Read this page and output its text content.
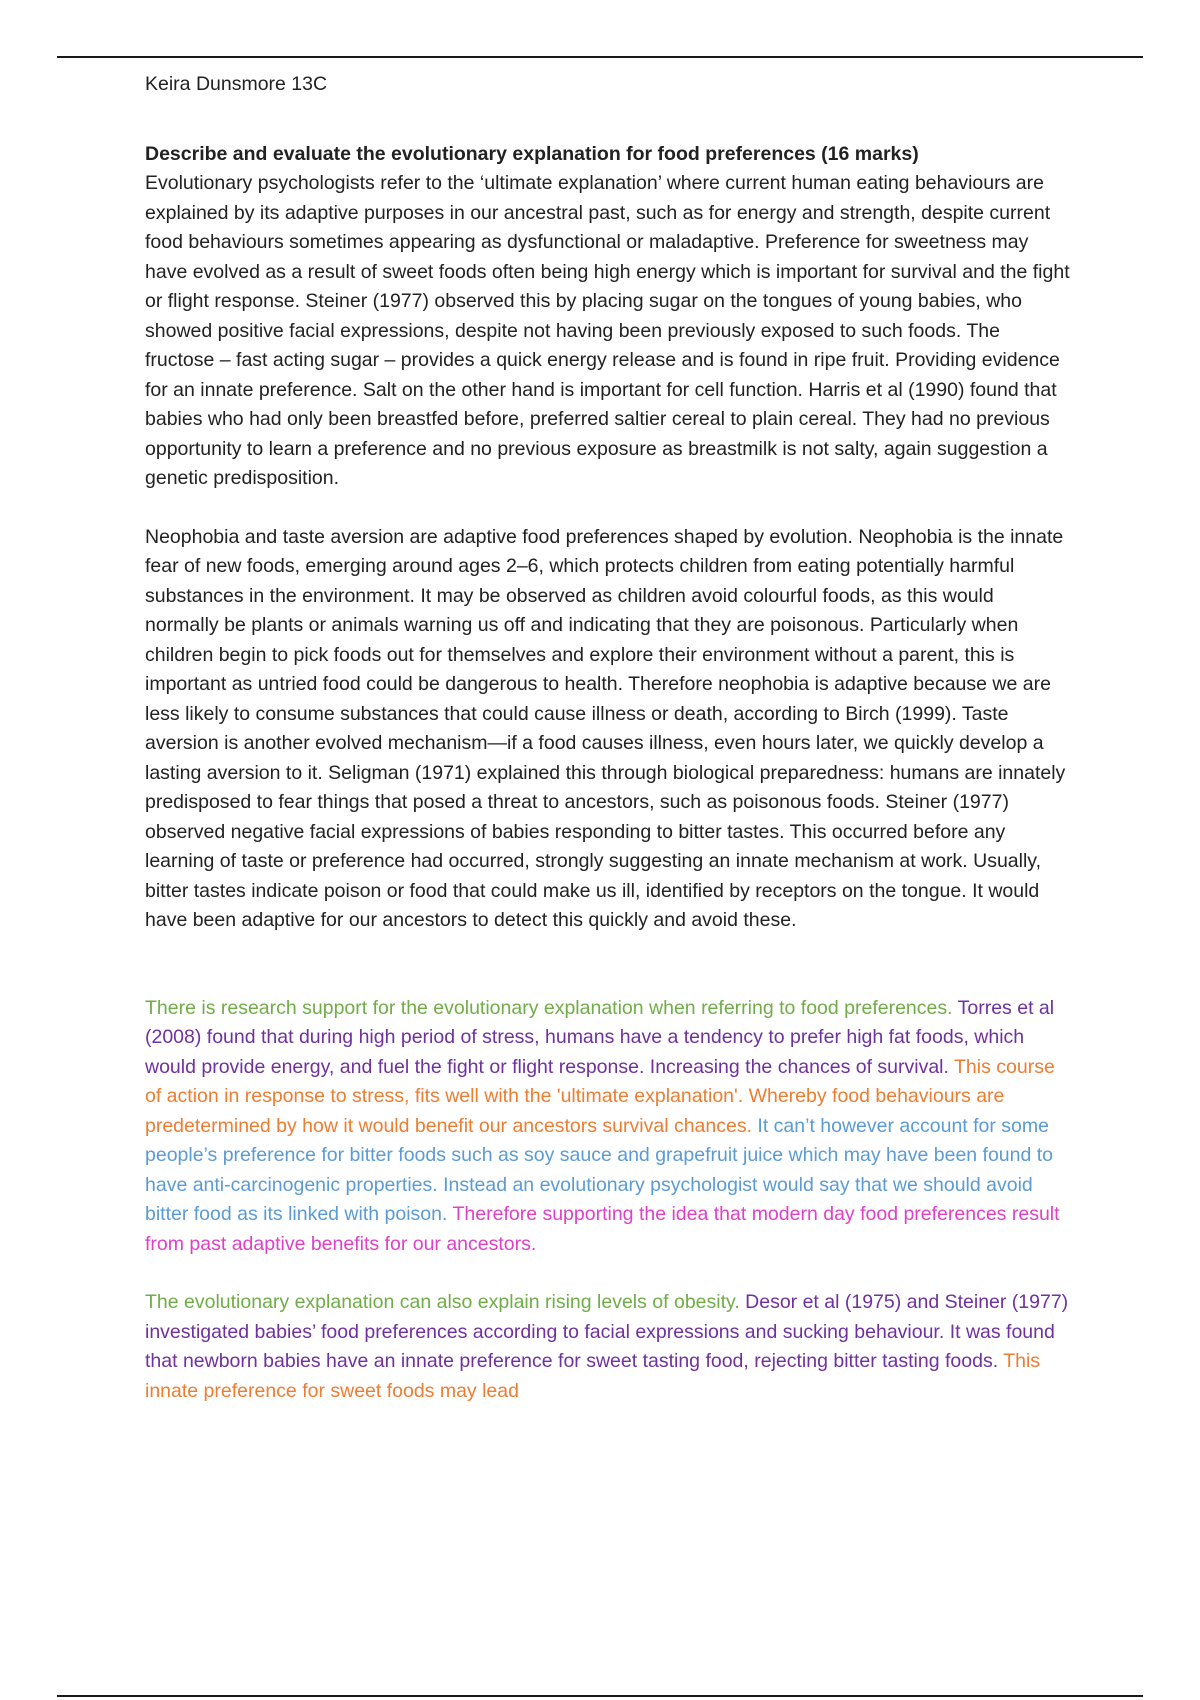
Keira Dunsmore 13C

Describe and evaluate the evolutionary explanation for food preferences (16 marks)

Evolutionary psychologists refer to the ‘ultimate explanation’ where current human eating behaviours are explained by its adaptive purposes in our ancestral past, such as for energy and strength, despite current food behaviours sometimes appearing as dysfunctional or maladaptive. Preference for sweetness may have evolved as a result of sweet foods often being high energy which is important for survival and the fight or flight response. Steiner (1977) observed this by placing sugar on the tongues of young babies, who showed positive facial expressions, despite not having been previously exposed to such foods. The fructose – fast acting sugar – provides a quick energy release and is found in ripe fruit. Providing evidence for an innate preference. Salt on the other hand is important for cell function. Harris et al (1990) found that babies who had only been breastfed before, preferred saltier cereal to plain cereal. They had no previous opportunity to learn a preference and no previous exposure as breastmilk is not salty, again suggestion a genetic predisposition.

Neophobia and taste aversion are adaptive food preferences shaped by evolution. Neophobia is the innate fear of new foods, emerging around ages 2–6, which protects children from eating potentially harmful substances in the environment. It may be observed as children avoid colourful foods, as this would normally be plants or animals warning us off and indicating that they are poisonous. Particularly when children begin to pick foods out for themselves and explore their environment without a parent, this is important as untried food could be dangerous to health. Therefore neophobia is adaptive because we are less likely to consume substances that could cause illness or death, according to Birch (1999). Taste aversion is another evolved mechanism—if a food causes illness, even hours later, we quickly develop a lasting aversion to it. Seligman (1971) explained this through biological preparedness: humans are innately predisposed to fear things that posed a threat to ancestors, such as poisonous foods. Steiner (1977) observed negative facial expressions of babies responding to bitter tastes. This occurred before any learning of taste or preference had occurred, strongly suggesting an innate mechanism at work. Usually, bitter tastes indicate poison or food that could make us ill, identified by receptors on the tongue. It would have been adaptive for our ancestors to detect this quickly and avoid these.

There is research support for the evolutionary explanation when referring to food preferences. Torres et al (2008) found that during high period of stress, humans have a tendency to prefer high fat foods, which would provide energy, and fuel the fight or flight response. Increasing the chances of survival. This course of action in response to stress, fits well with the 'ultimate explanation'. Whereby food behaviours are predetermined by how it would benefit our ancestors survival chances. It can’t however account for some people’s preference for bitter foods such as soy sauce and grapefruit juice which may have been found to have anti-carcinogenic properties. Instead an evolutionary psychologist would say that we should avoid bitter food as its linked with poison. Therefore supporting the idea that modern day food preferences result from past adaptive benefits for our ancestors.

The evolutionary explanation can also explain rising levels of obesity. Desor et al (1975) and Steiner (1977) investigated babies’ food preferences according to facial expressions and sucking behaviour. It was found that newborn babies have an innate preference for sweet tasting food, rejecting bitter tasting foods. This innate preference for sweet foods may lead
